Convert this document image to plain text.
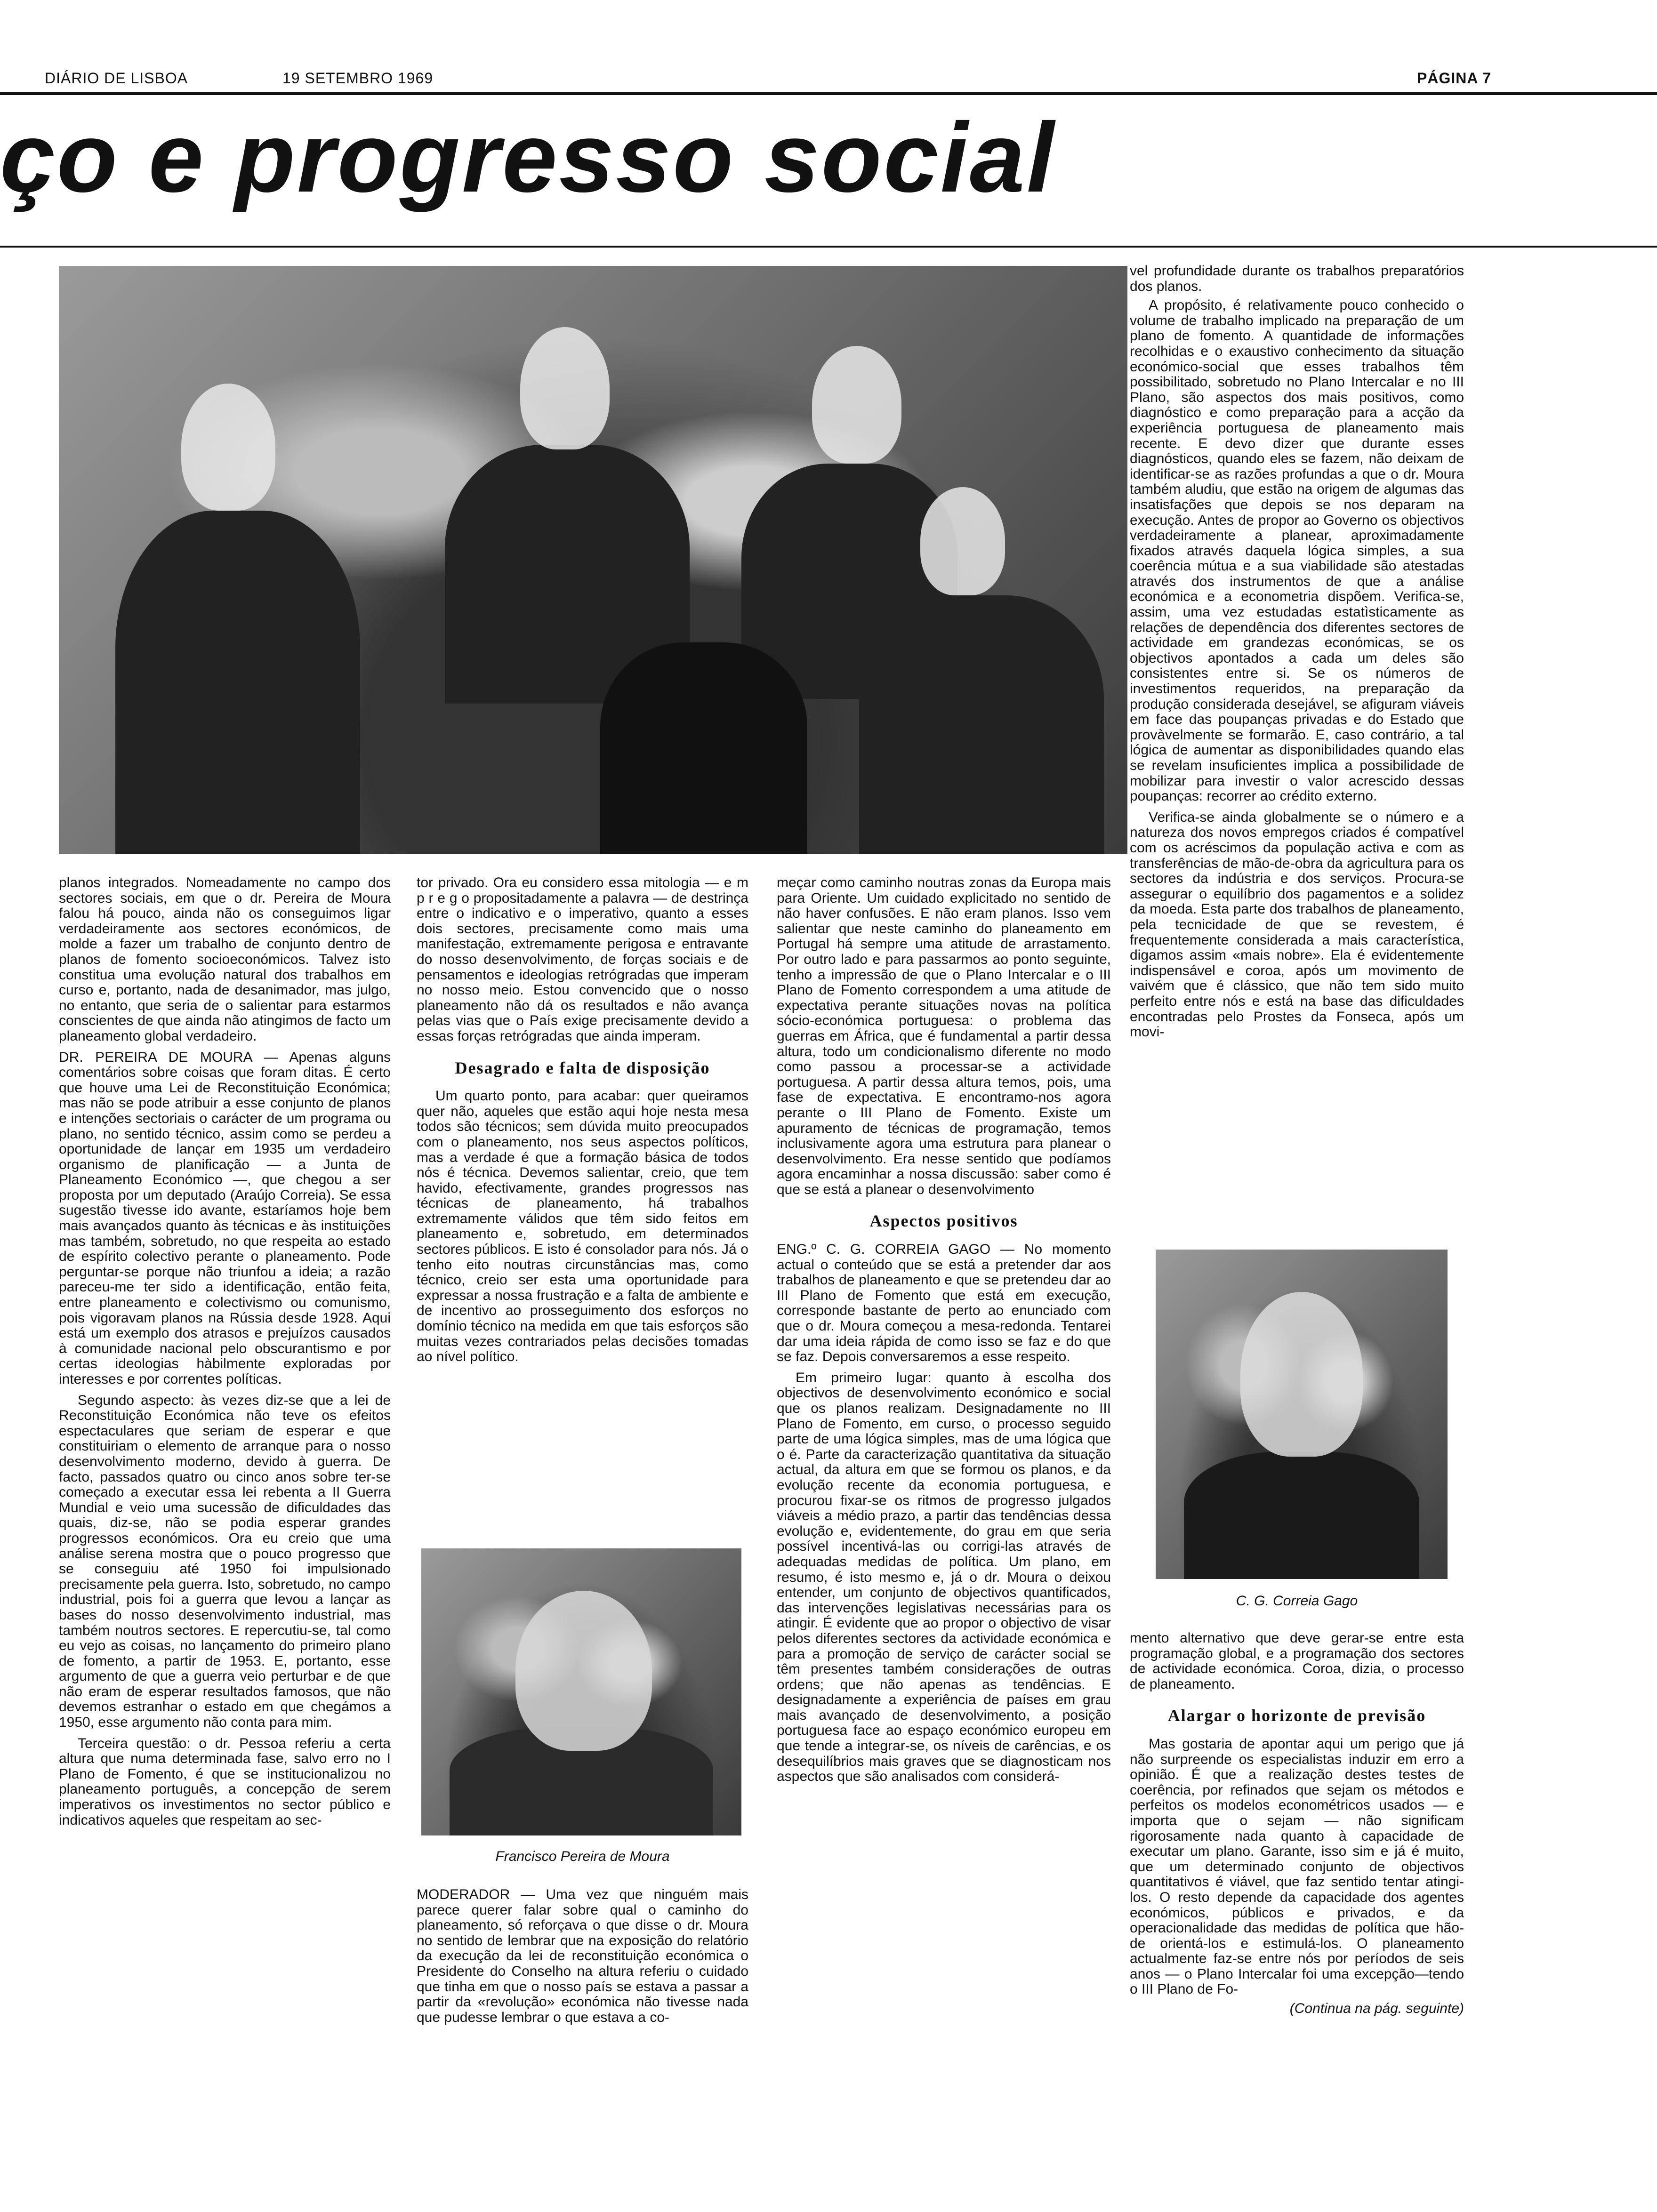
DIÁRIO DE LISBOA	19 SETEMBRO 1969	PÁGINA 7
ço e progresso social

planos integrados. Nomeadamente no campo dos sectores sociais, em que o dr. Pereira de Moura falou há pouco, ainda não os conseguimos ligar verdadeiramente aos sectores económicos, de molde a fazer um trabalho de conjunto dentro de planos de fomento socioeconómicos. Talvez isto constitua uma evolução natural dos trabalhos em curso e, portanto, nada de desanimador, mas julgo, no entanto, que seria de o salientar para estarmos conscientes de que ainda não atingimos de facto um planeamento global verdadeiro.

DR. PEREIRA DE MOURA — Apenas alguns comentários sobre coisas que foram ditas. É certo que houve uma Lei de Reconstituição Económica; mas não se pode atribuir a esse conjunto de planos e intenções sectoriais o carácter de um programa ou plano, no sentido técnico, assim como se perdeu a oportunidade de lançar em 1935 um verdadeiro organismo de planificação — a Junta de Planeamento Económico —, que chegou a ser proposta por um deputado (Araújo Correia). Se essa sugestão tivesse ido avante, estaríamos hoje bem mais avançados quanto às técnicas e às instituições mas também, sobretudo, no que respeita ao estado de espírito colectivo perante o planeamento. Pode perguntar-se porque não triunfou a ideia; a razão pareceu-me ter sido a identificação, então feita, entre planeamento e colectivismo ou comunismo, pois vigoravam planos na Rússia desde 1928. Aqui está um exemplo dos atrasos e prejuízos causados à comunidade nacional pelo obscurantismo e por certas ideologias hàbilmente exploradas por interesses e por correntes políticas.

Segundo aspecto: às vezes diz-se que a lei de Reconstituição Económica não teve os efeitos espectaculares que seriam de esperar e que constituiriam o elemento de arranque para o nosso desenvolvimento moderno, devido à guerra. De facto, passados quatro ou cinco anos sobre ter-se começado a executar essa lei rebenta a II Guerra Mundial e veio uma sucessão de dificuldades das quais, diz-se, não se podia esperar grandes progressos económicos. Ora eu creio que uma análise serena mostra que o pouco progresso que se conseguiu até 1950 foi impulsionado precisamente pela guerra. Isto, sobretudo, no campo industrial, pois foi a guerra que levou a lançar as bases do nosso desenvolvimento industrial, mas também noutros sectores. E repercutiu-se, tal como eu vejo as coisas, no lançamento do primeiro plano de fomento, a partir de 1953. E, portanto, esse argumento de que a guerra veio perturbar e de que não eram de esperar resultados famosos, que não devemos estranhar o estado em que chegámos a 1950, esse argumento não conta para mim.

Terceira questão: o dr. Pessoa referiu a certa altura que numa determinada fase, salvo erro no I Plano de Fomento, é que se institucionalizou no planeamento português, a concepção de serem imperativos os investimentos no sector público e indicativos aqueles que respeitam ao sec-

tor privado. Ora eu considero essa mitologia — e m p r e g o propositadamente a palavra — de destrinça entre o indicativo e o imperativo, quanto a esses dois sectores, precisamente como mais uma manifestação, extremamente perigosa e entravante do nosso desenvolvimento, de forças sociais e de pensamentos e ideologias retrógradas que imperam no nosso meio. Estou convencido que o nosso planeamento não dá os resultados e não avança pelas vias que o País exige precisamente devido a essas forças retrógradas que ainda imperam.

Desagrado e falta de disposição

Um quarto ponto, para acabar: quer queiramos quer não, aqueles que estão aqui hoje nesta mesa todos são técnicos; sem dúvida muito preocupados com o planeamento, nos seus aspectos políticos, mas a verdade é que a formação básica de todos nós é técnica. Devemos salientar, creio, que tem havido, efectivamente, grandes progressos nas técnicas de planeamento, há trabalhos extremamente válidos que têm sido feitos em planeamento e, sobretudo, em determinados sectores públicos. E isto é consolador para nós. Já o tenho eito noutras circunstâncias mas, como técnico, creio ser esta uma oportunidade para expressar a nossa frustração e a falta de ambiente e de incentivo ao prosseguimento dos esforços no domínio técnico na medida em que tais esforços são muitas vezes contrariados pelas decisões tomadas ao nível político.

Francisco Pereira de Moura

MODERADOR — Uma vez que ninguém mais parece querer falar sobre qual o caminho do planeamento, só reforçava o que disse o dr. Moura no sentido de lembrar que na exposição do relatório da execução da lei de reconstituição económica o Presidente do Conselho na altura referiu o cuidado que tinha em que o nosso país se estava a passar a partir da «revolução» económica não tivesse nada que pudesse lembrar o que estava a co-

meçar como caminho noutras zonas da Europa mais para Oriente. Um cuidado explicitado no sentido de não haver confusões. E não eram planos. Isso vem salientar que neste caminho do planeamento em Portugal há sempre uma atitude de arrastamento. Por outro lado e para passarmos ao ponto seguinte, tenho a impressão de que o Plano Intercalar e o III Plano de Fomento correspondem a uma atitude de expectativa perante situações novas na política sócio-económica portuguesa: o problema das guerras em África, que é fundamental a partir dessa altura, todo um condicionalismo diferente no modo como passou a processar-se a actividade portuguesa. A partir dessa altura temos, pois, uma fase de expectativa. E encontramo-nos agora perante o III Plano de Fomento. Existe um apuramento de técnicas de programação, temos inclusivamente agora uma estrutura para planear o desenvolvimento. Era nesse sentido que podíamos agora encaminhar a nossa discussão: saber como é que se está a planear o desenvolvimento

Aspectos positivos

ENG.º C. G. CORREIA GAGO — No momento actual o conteúdo que se está a pretender dar aos trabalhos de planeamento e que se pretendeu dar ao III Plano de Fomento que está em execução, corresponde bastante de perto ao enunciado com que o dr. Moura começou a mesa-redonda. Tentarei dar uma ideia rápida de como isso se faz e do que se faz. Depois conversaremos a esse respeito.

Em primeiro lugar: quanto à escolha dos objectivos de desenvolvimento económico e social que os planos realizam. Designadamente no III Plano de Fomento, em curso, o processo seguido parte de uma lógica simples, mas de uma lógica que o é. Parte da caracterização quantitativa da situação actual, da altura em que se formou os planos, e da evolução recente da economia portuguesa, e procurou fixar-se os ritmos de progresso julgados viáveis a médio prazo, a partir das tendências dessa evolução e, evidentemente, do grau em que seria possível incentivá-las ou corrigi-las através de adequadas medidas de política. Um plano, em resumo, é isto mesmo e, já o dr. Moura o deixou entender, um conjunto de objectivos quantificados, das intervenções legislativas necessárias para os atingir. É evidente que ao propor o objectivo de visar pelos diferentes sectores da actividade económica e para a promoção de serviço de carácter social se têm presentes também considerações de outras ordens; que não apenas as tendências. E designadamente a experiência de países em grau mais avançado de desenvolvimento, a posição portuguesa face ao espaço económico europeu em que tende a integrar-se, os níveis de carências, e os desequilíbrios mais graves que se diagnosticam nos aspectos que são analisados com considerá-

vel profundidade durante os trabalhos preparatórios dos planos.

A propósito, é relativamente pouco conhecido o volume de trabalho implicado na preparação de um plano de fomento. A quantidade de informações recolhidas e o exaustivo conhecimento da situação económico-social que esses trabalhos têm possibilitado, sobretudo no Plano Intercalar e no III Plano, são aspectos dos mais positivos, como diagnóstico e como preparação para a acção da experiência portuguesa de planeamento mais recente. E devo dizer que durante esses diagnósticos, quando eles se fazem, não deixam de identificar-se as razões profundas a que o dr. Moura também aludiu, que estão na origem de algumas das insatisfações que depois se nos deparam na execução. Antes de propor ao Governo os objectivos verdadeiramente a planear, aproximadamente fixados através daquela lógica simples, a sua coerência mútua e a sua viabilidade são atestadas através dos instrumentos de que a análise económica e a econometria dispõem. Verifica-se, assim, uma vez estudadas estatìsticamente as relações de dependência dos diferentes sectores de actividade em grandezas económicas, se os objectivos apontados a cada um deles são consistentes entre si. Se os números de investimentos requeridos, na preparação da produção considerada desejável, se afiguram viáveis em face das poupanças privadas e do Estado que provàvelmente se formarão. E, caso contrário, a tal lógica de aumentar as disponibilidades quando elas se revelam insuficientes implica a possibilidade de mobilizar para investir o valor acrescido dessas poupanças: recorrer ao crédito externo.

Verifica-se ainda globalmente se o número e a natureza dos novos empregos criados é compatível com os acréscimos da população activa e com as transferências de mão-de-obra da agricultura para os sectores da indústria e dos serviços. Procura-se assegurar o equilíbrio dos pagamentos e a solidez da moeda. Esta parte dos trabalhos de planeamento, pela tecnicidade de que se revestem, é frequentemente considerada a mais característica, digamos assim «mais nobre». Ela é evidentemente indispensável e coroa, após um movimento de vaivém que é clássico, que não tem sido muito perfeito entre nós e está na base das dificuldades encontradas pelo Prostes da Fonseca, após um movi-

C. G. Correia Gago

mento alternativo que deve gerar-se entre esta programação global, e a programação dos sectores de actividade económica. Coroa, dizia, o processo de planeamento.

Alargar o horizonte de previsão

Mas gostaria de apontar aqui um perigo que já não surpreende os especialistas induzir em erro a opinião. É que a realização destes testes de coerência, por refinados que sejam os métodos e perfeitos os modelos econométricos usados — e importa que o sejam — não significam rigorosamente nada quanto à capacidade de executar um plano. Garante, isso sim e já é muito, que um determinado conjunto de objectivos quantitativos é viável, que faz sentido tentar atingi-los. O resto depende da capacidade dos agentes económicos, públicos e privados, e da operacionalidade das medidas de política que hão-de orientá-los e estimulá-los. O planeamento actualmente faz-se entre nós por períodos de seis anos — o Plano Intercalar foi uma excepção—tendo o III Plano de Fo-

(Continua na pág. seguinte)
